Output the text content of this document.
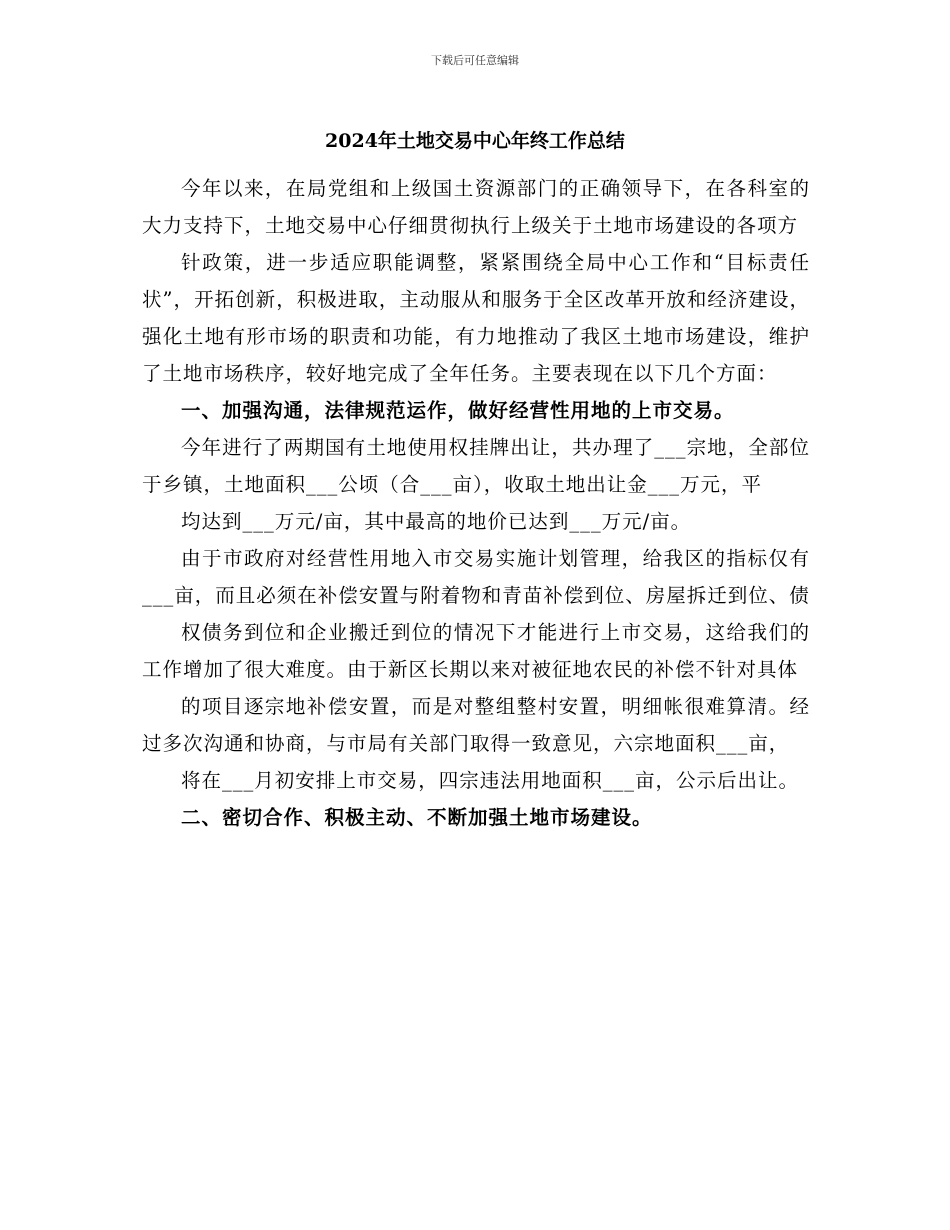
下载后可任意编辑
2024年土地交易中心年终工作总结

今年以来，在局党组和上级国土资源部门的正确领导下，在各科室的大力支持下，土地交易中心仔细贯彻执行上级关于土地市场建设的各项方

针政策，进一步适应职能调整，紧紧围绕全局中心工作和“目标责任状”，开拓创新，积极进取，主动服从和服务于全区改革开放和经济建设，强化土地有形市场的职责和功能，有力地推动了我区土地市场建设，维护了土地市场秩序，较好地完成了全年任务。主要表现在以下几个方面：

一、加强沟通，法律规范运作，做好经营性用地的上市交易。

今年进行了两期国有土地使用权挂牌出让，共办理了___宗地，全部位于乡镇，土地面积___公顷（合___亩），收取土地出让金___万元，平

均达到___万元/亩，其中最高的地价已达到___万元/亩。

由于市政府对经营性用地入市交易实施计划管理，给我区的指标仅有___亩，而且必须在补偿安置与附着物和青苗补偿到位、房屋拆迁到位、债

权债务到位和企业搬迁到位的情况下才能进行上市交易，这给我们的工作增加了很大难度。由于新区长期以来对被征地农民的补偿不针对具体

的项目逐宗地补偿安置，而是对整组整村安置，明细帐很难算清。经过多次沟通和协商，与市局有关部门取得一致意见，六宗地面积___亩，

将在___月初安排上市交易，四宗违法用地面积___亩，公示后出让。

二、密切合作、积极主动、不断加强土地市场建设。
